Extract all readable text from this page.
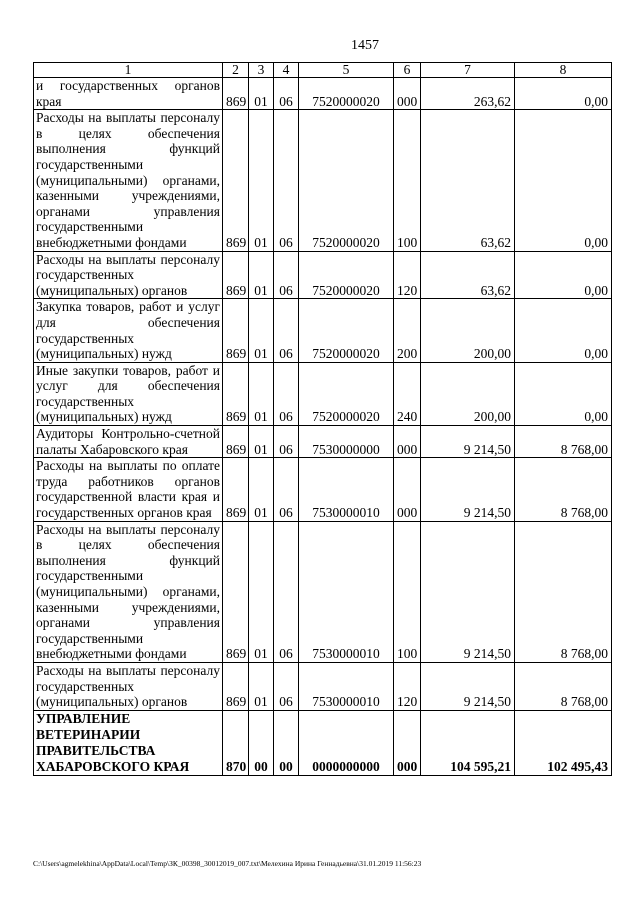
1457
1	2	3	4	5	6	7	8
и государственных органов края	869	01	06	7520000020	000	263,62	0,00
Расходы на выплаты персоналу в целях обеспечения выполнения функций государственными (муниципальными) органами, казенными учреждениями, органами управления государственными внебюджетными фондами	869	01	06	7520000020	100	63,62	0,00
Расходы на выплаты персоналу государственных (муниципальных) органов	869	01	06	7520000020	120	63,62	0,00
Закупка товаров, работ и услуг для обеспечения государственных (муниципальных) нужд	869	01	06	7520000020	200	200,00	0,00
Иные закупки товаров, работ и услуг для обеспечения государственных (муниципальных) нужд	869	01	06	7520000020	240	200,00	0,00
Аудиторы Контрольно-счетной палаты Хабаровского края	869	01	06	7530000000	000	9 214,50	8 768,00
Расходы на выплаты по оплате труда работников органов государственной власти края и государственных органов края	869	01	06	7530000010	000	9 214,50	8 768,00
Расходы на выплаты персоналу в целях обеспечения выполнения функций государственными (муниципальными) органами, казенными учреждениями, органами управления государственными внебюджетными фондами	869	01	06	7530000010	100	9 214,50	8 768,00
Расходы на выплаты персоналу государственных (муниципальных) органов	869	01	06	7530000010	120	9 214,50	8 768,00
УПРАВЛЕНИЕ ВЕТЕРИНАРИИ ПРАВИТЕЛЬСТВА ХАБАРОВСКОГО КРАЯ	870	00	00	0000000000	000	104 595,21	102 495,43
C:\Users\agmelekhina\AppData\Local\Temp\ЗК_00398_30012019_007.txt\Мелехина Ирина Геннадьевна\31.01.2019 11:56:23
